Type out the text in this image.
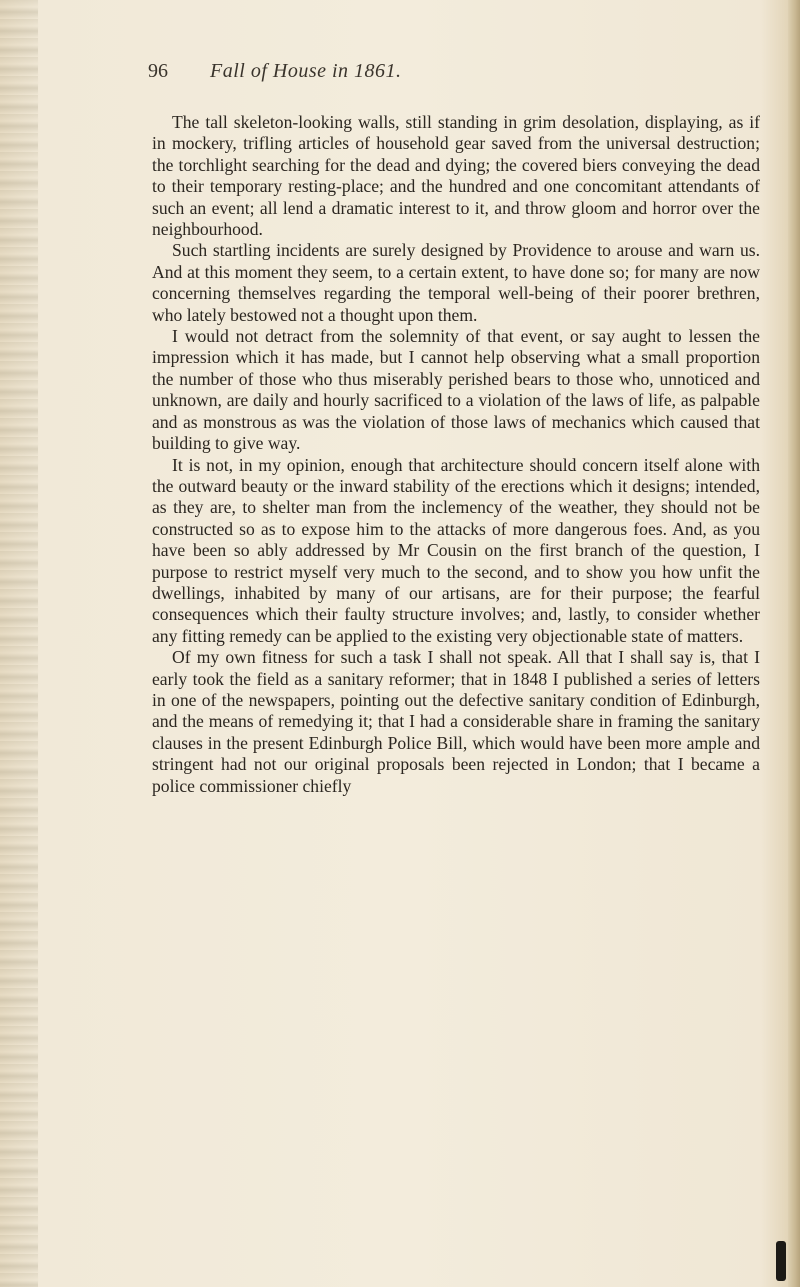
96 Fall of House in 1861.

The tall skeleton-looking walls, still standing in grim desolation, displaying, as if in mockery, trifling articles of household gear saved from the universal destruction; the torchlight searching for the dead and dying; the covered biers conveying the dead to their temporary resting-place; and the hundred and one concomitant attendants of such an event; all lend a dramatic interest to it, and throw gloom and horror over the neighbourhood.

Such startling incidents are surely designed by Providence to arouse and warn us. And at this moment they seem, to a certain extent, to have done so; for many are now concerning themselves regarding the temporal well-being of their poorer brethren, who lately bestowed not a thought upon them.

I would not detract from the solemnity of that event, or say aught to lessen the impression which it has made, but I cannot help observing what a small proportion the number of those who thus miserably perished bears to those who, unnoticed and unknown, are daily and hourly sacrificed to a violation of the laws of life, as palpable and as monstrous as was the violation of those laws of mechanics which caused that building to give way.

It is not, in my opinion, enough that architecture should concern itself alone with the outward beauty or the inward stability of the erections which it designs; intended, as they are, to shelter man from the inclemency of the weather, they should not be constructed so as to expose him to the attacks of more dangerous foes. And, as you have been so ably addressed by Mr Cousin on the first branch of the question, I purpose to restrict myself very much to the second, and to show you how unfit the dwellings, inhabited by many of our artisans, are for their purpose; the fearful consequences which their faulty structure involves; and, lastly, to consider whether any fitting remedy can be applied to the existing very objectionable state of matters.

Of my own fitness for such a task I shall not speak. All that I shall say is, that I early took the field as a sanitary reformer; that in 1848 I published a series of letters in one of the newspapers, pointing out the defective sanitary condition of Edinburgh, and the means of remedying it; that I had a considerable share in framing the sanitary clauses in the present Edinburgh Police Bill, which would have been more ample and stringent had not our original proposals been rejected in London; that I became a police commissioner chiefly
